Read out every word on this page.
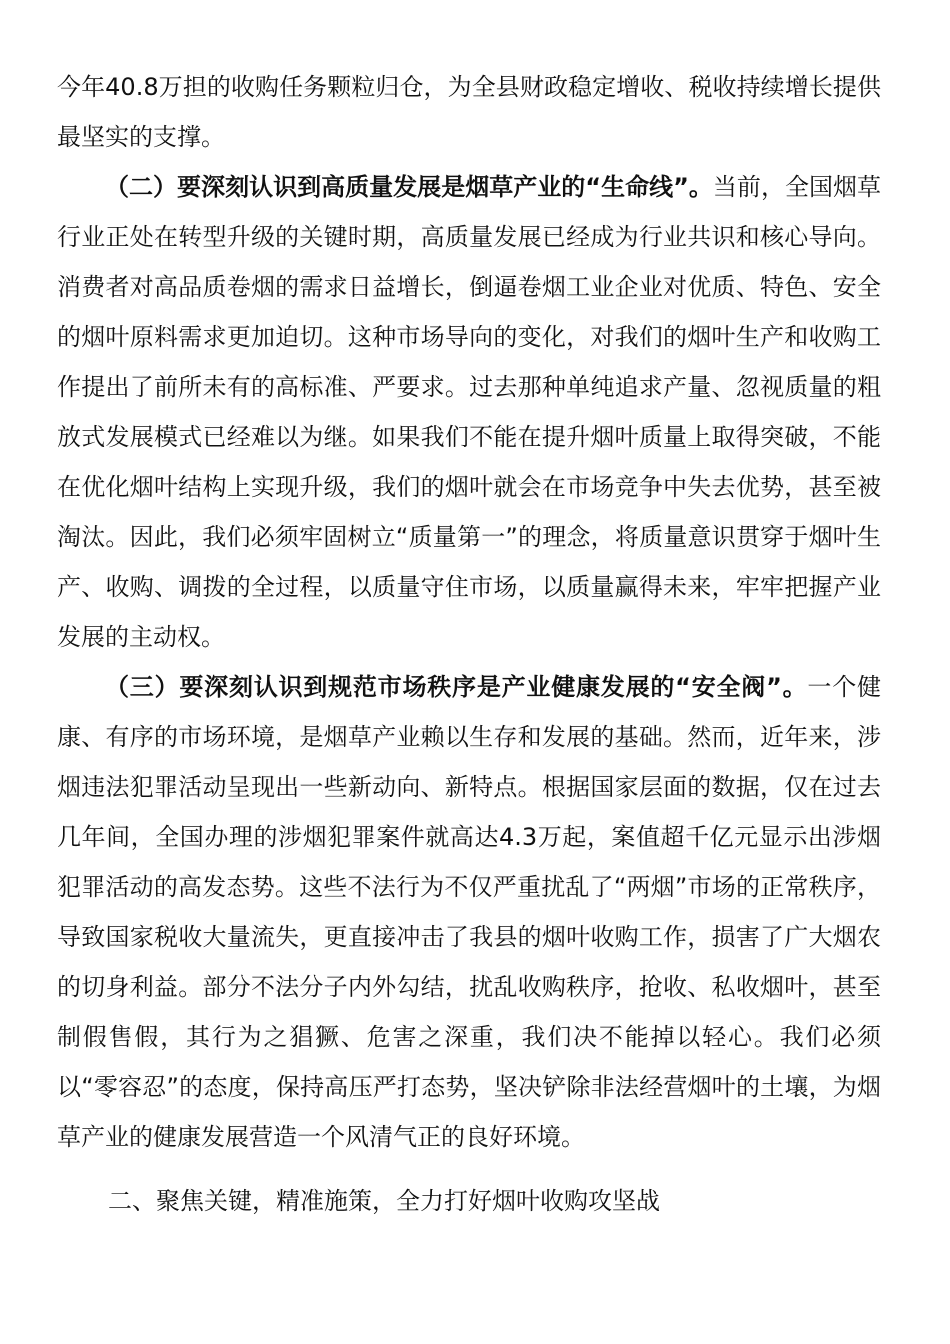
今年40.8万担的收购任务颗粒归仓，为全县财政稳定增收、税收持续增长提供最坚实的支撑。

（二）要深刻认识到高质量发展是烟草产业的“生命线”。当前，全国烟草行业正处在转型升级的关键时期，高质量发展已经成为行业共识和核心导向。消费者对高品质卷烟的需求日益增长，倒逼卷烟工业企业对优质、特色、安全的烟叶原料需求更加迫切。这种市场导向的变化，对我们的烟叶生产和收购工作提出了前所未有的高标准、严要求。过去那种单纯追求产量、忽视质量的粗放式发展模式已经难以为继。如果我们不能在提升烟叶质量上取得突破，不能在优化烟叶结构上实现升级，我们的烟叶就会在市场竞争中失去优势，甚至被淘汰。因此，我们必须牢固树立“质量第一”的理念，将质量意识贯穿于烟叶生产、收购、调拨的全过程，以质量守住市场，以质量赢得未来，牢牢把握产业发展的主动权。

（三）要深刻认识到规范市场秩序是产业健康发展的“安全阀”。一个健康、有序的市场环境，是烟草产业赖以生存和发展的基础。然而，近年来，涉烟违法犯罪活动呈现出一些新动向、新特点。根据国家层面的数据，仅在过去几年间，全国办理的涉烟犯罪案件就高达4.3万起，案值超千亿元显示出涉烟犯罪活动的高发态势。这些不法行为不仅严重扰乱了“两烟”市场的正常秩序，导致国家税收大量流失，更直接冲击了我县的烟叶收购工作，损害了广大烟农的切身利益。部分不法分子内外勾结，扰乱收购秩序，抢收、私收烟叶，甚至制假售假，其行为之猖獗、危害之深重，我们决不能掉以轻心。我们必须以“零容忍”的态度，保持高压严打态势，坚决铲除非法经营烟叶的土壤，为烟草产业的健康发展营造一个风清气正的良好环境。

二、聚焦关键，精准施策，全力打好烟叶收购攻坚战
